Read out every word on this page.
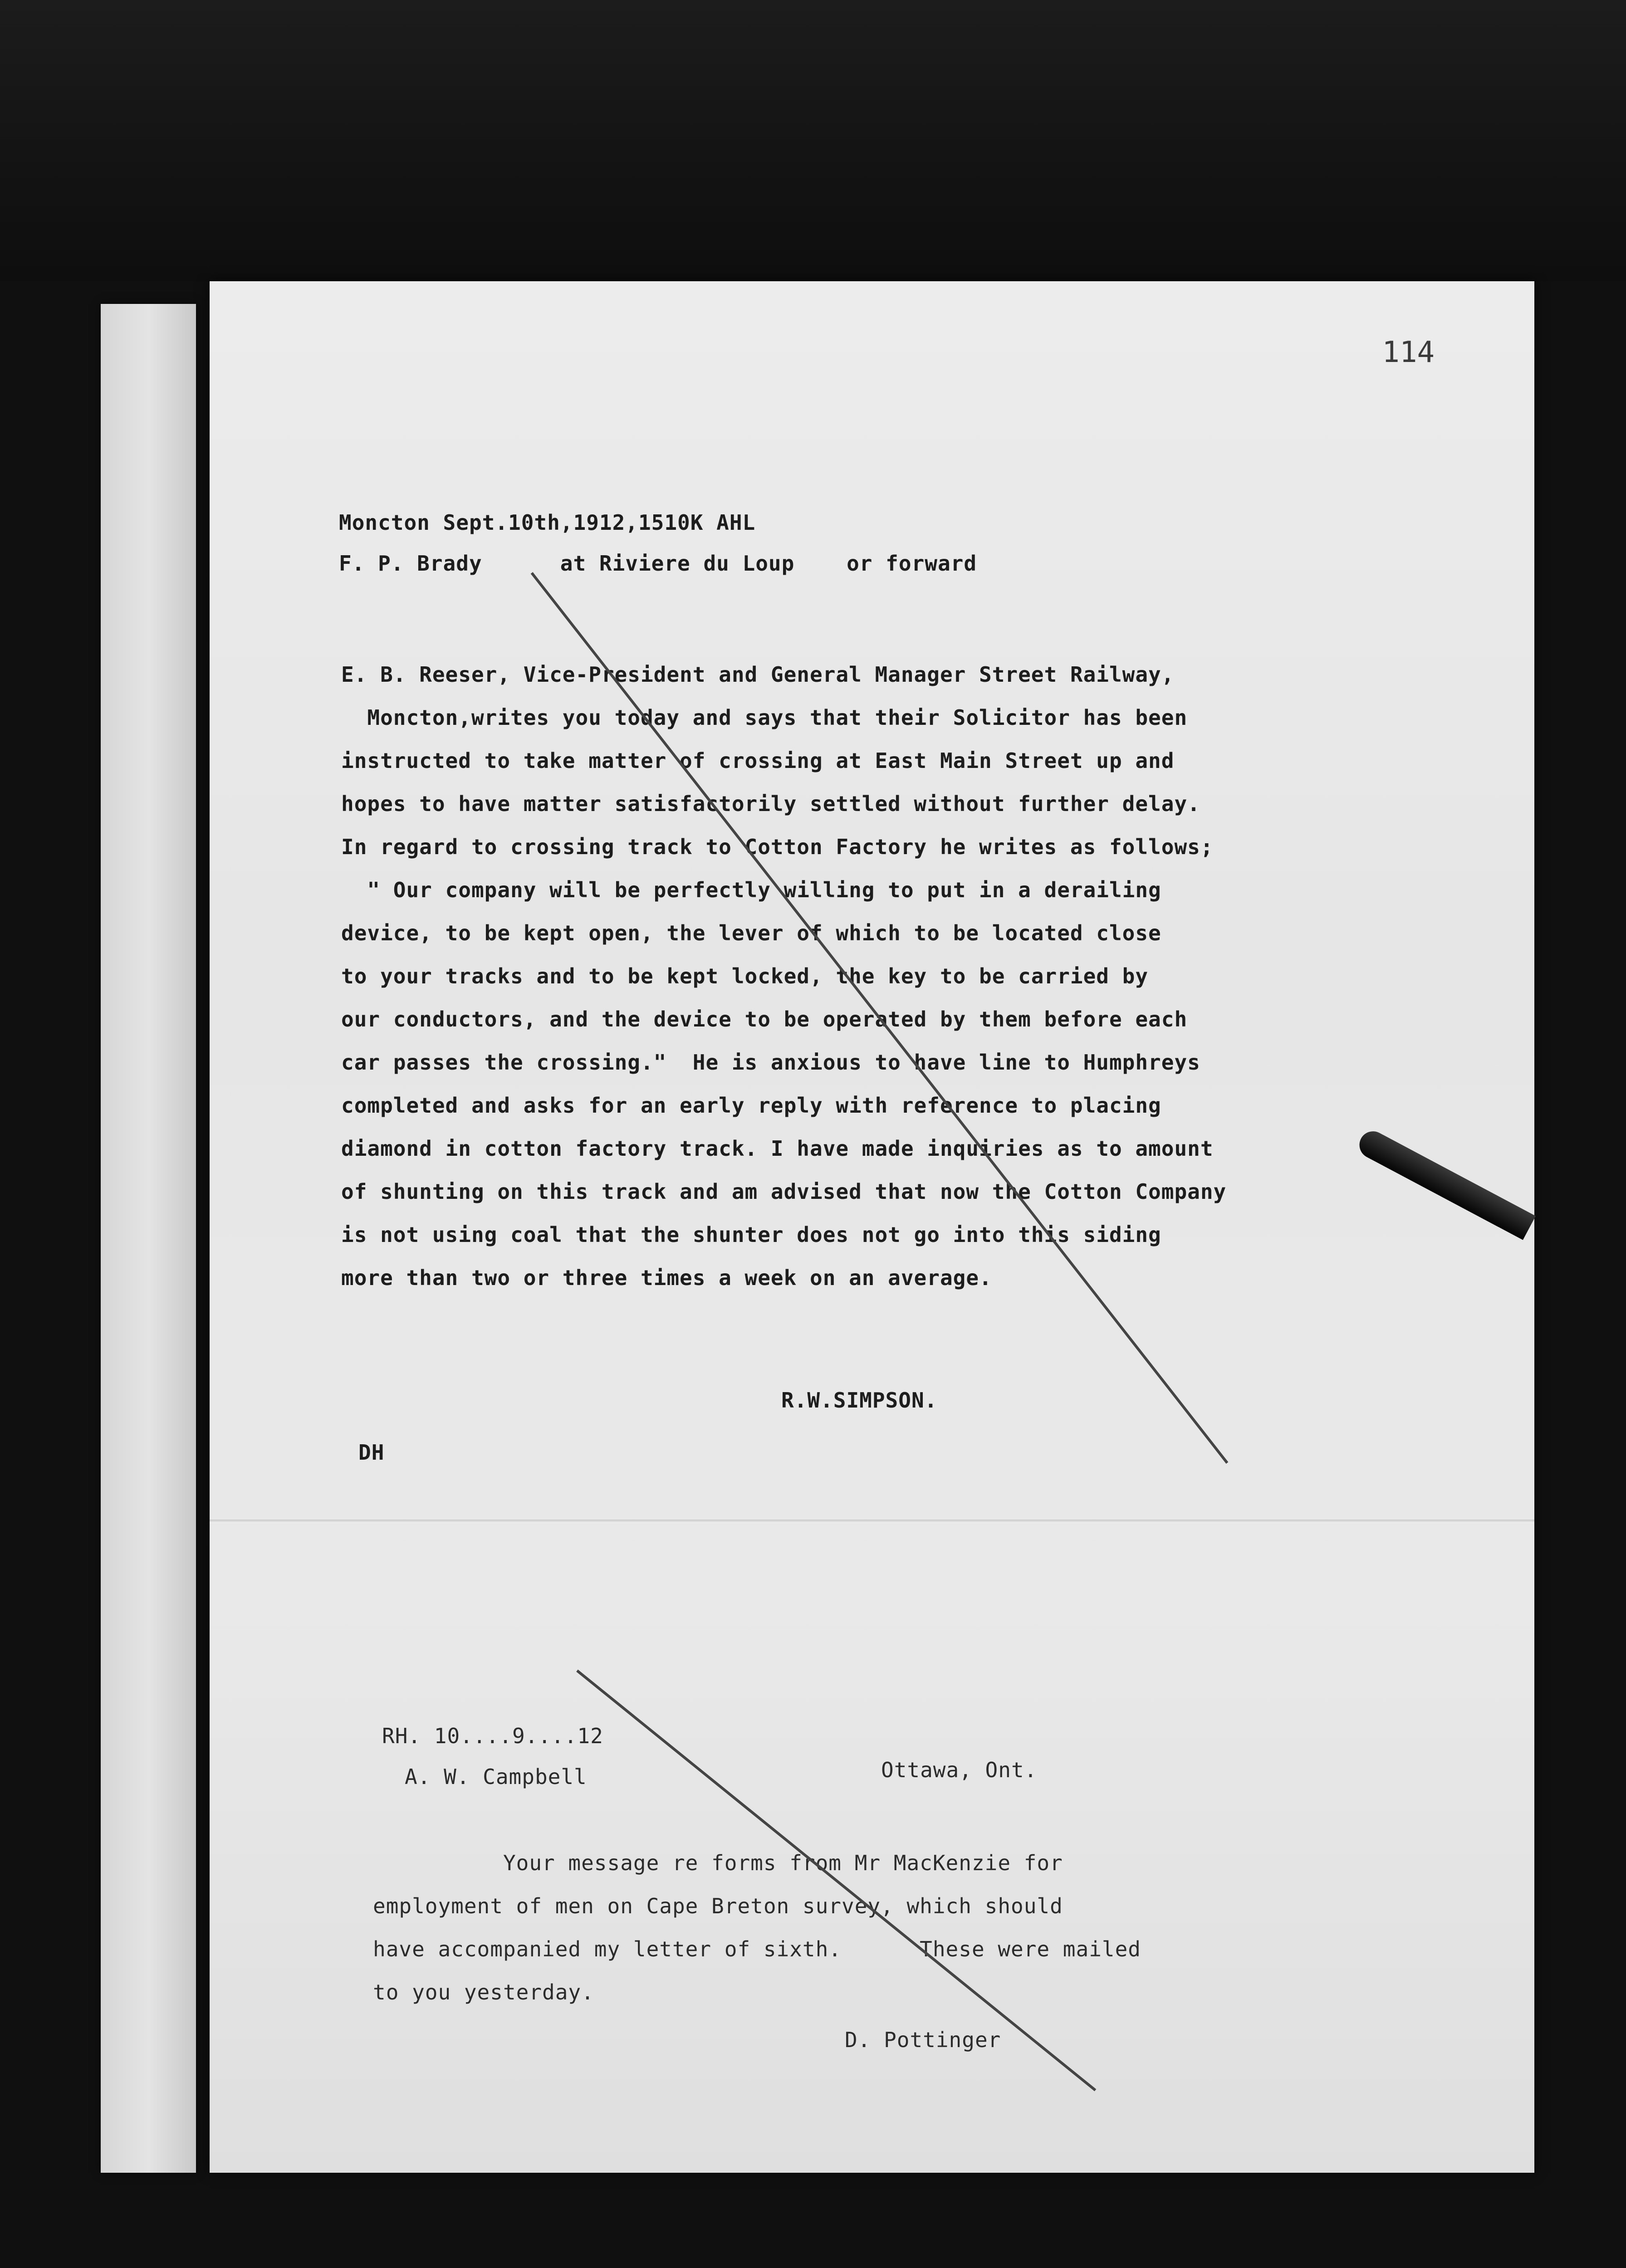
114
Moncton Sept.10th,1912,1510K AHL
F. P. Brady      at Riviere du Loup    or forward
E. B. Reeser, Vice-President and General Manager Street Railway,
Moncton,writes you today and says that their Solicitor has been
instructed to take matter of crossing at East Main Street up and
hopes to have matter satisfactorily settled without further delay.
In regard to crossing track to Cotton Factory he writes as follows;
" Our company will be perfectly willing to put in a derailing
device, to be kept open, the lever of which to be located close
to your tracks and to be kept locked, the key to be carried by
our conductors, and the device to be operated by them before each
car passes the crossing."  He is anxious to have line to Humphreys
completed and asks for an early reply with reference to placing
diamond in cotton factory track. I have made inquiries as to amount
of shunting on this track and am advised that now the Cotton Company
is not using coal that the shunter does not go into this siding
more than two or three times a week on an average.
R.W.SIMPSON.
DH
RH. 10....9....12
A. W. Campbell	Ottawa, Ont.
Your message re forms from Mr MacKenzie for
employment of men on Cape Breton survey, which should
have accompanied my letter of sixth.      These were mailed
to you yesterday.
D. Pottinger
